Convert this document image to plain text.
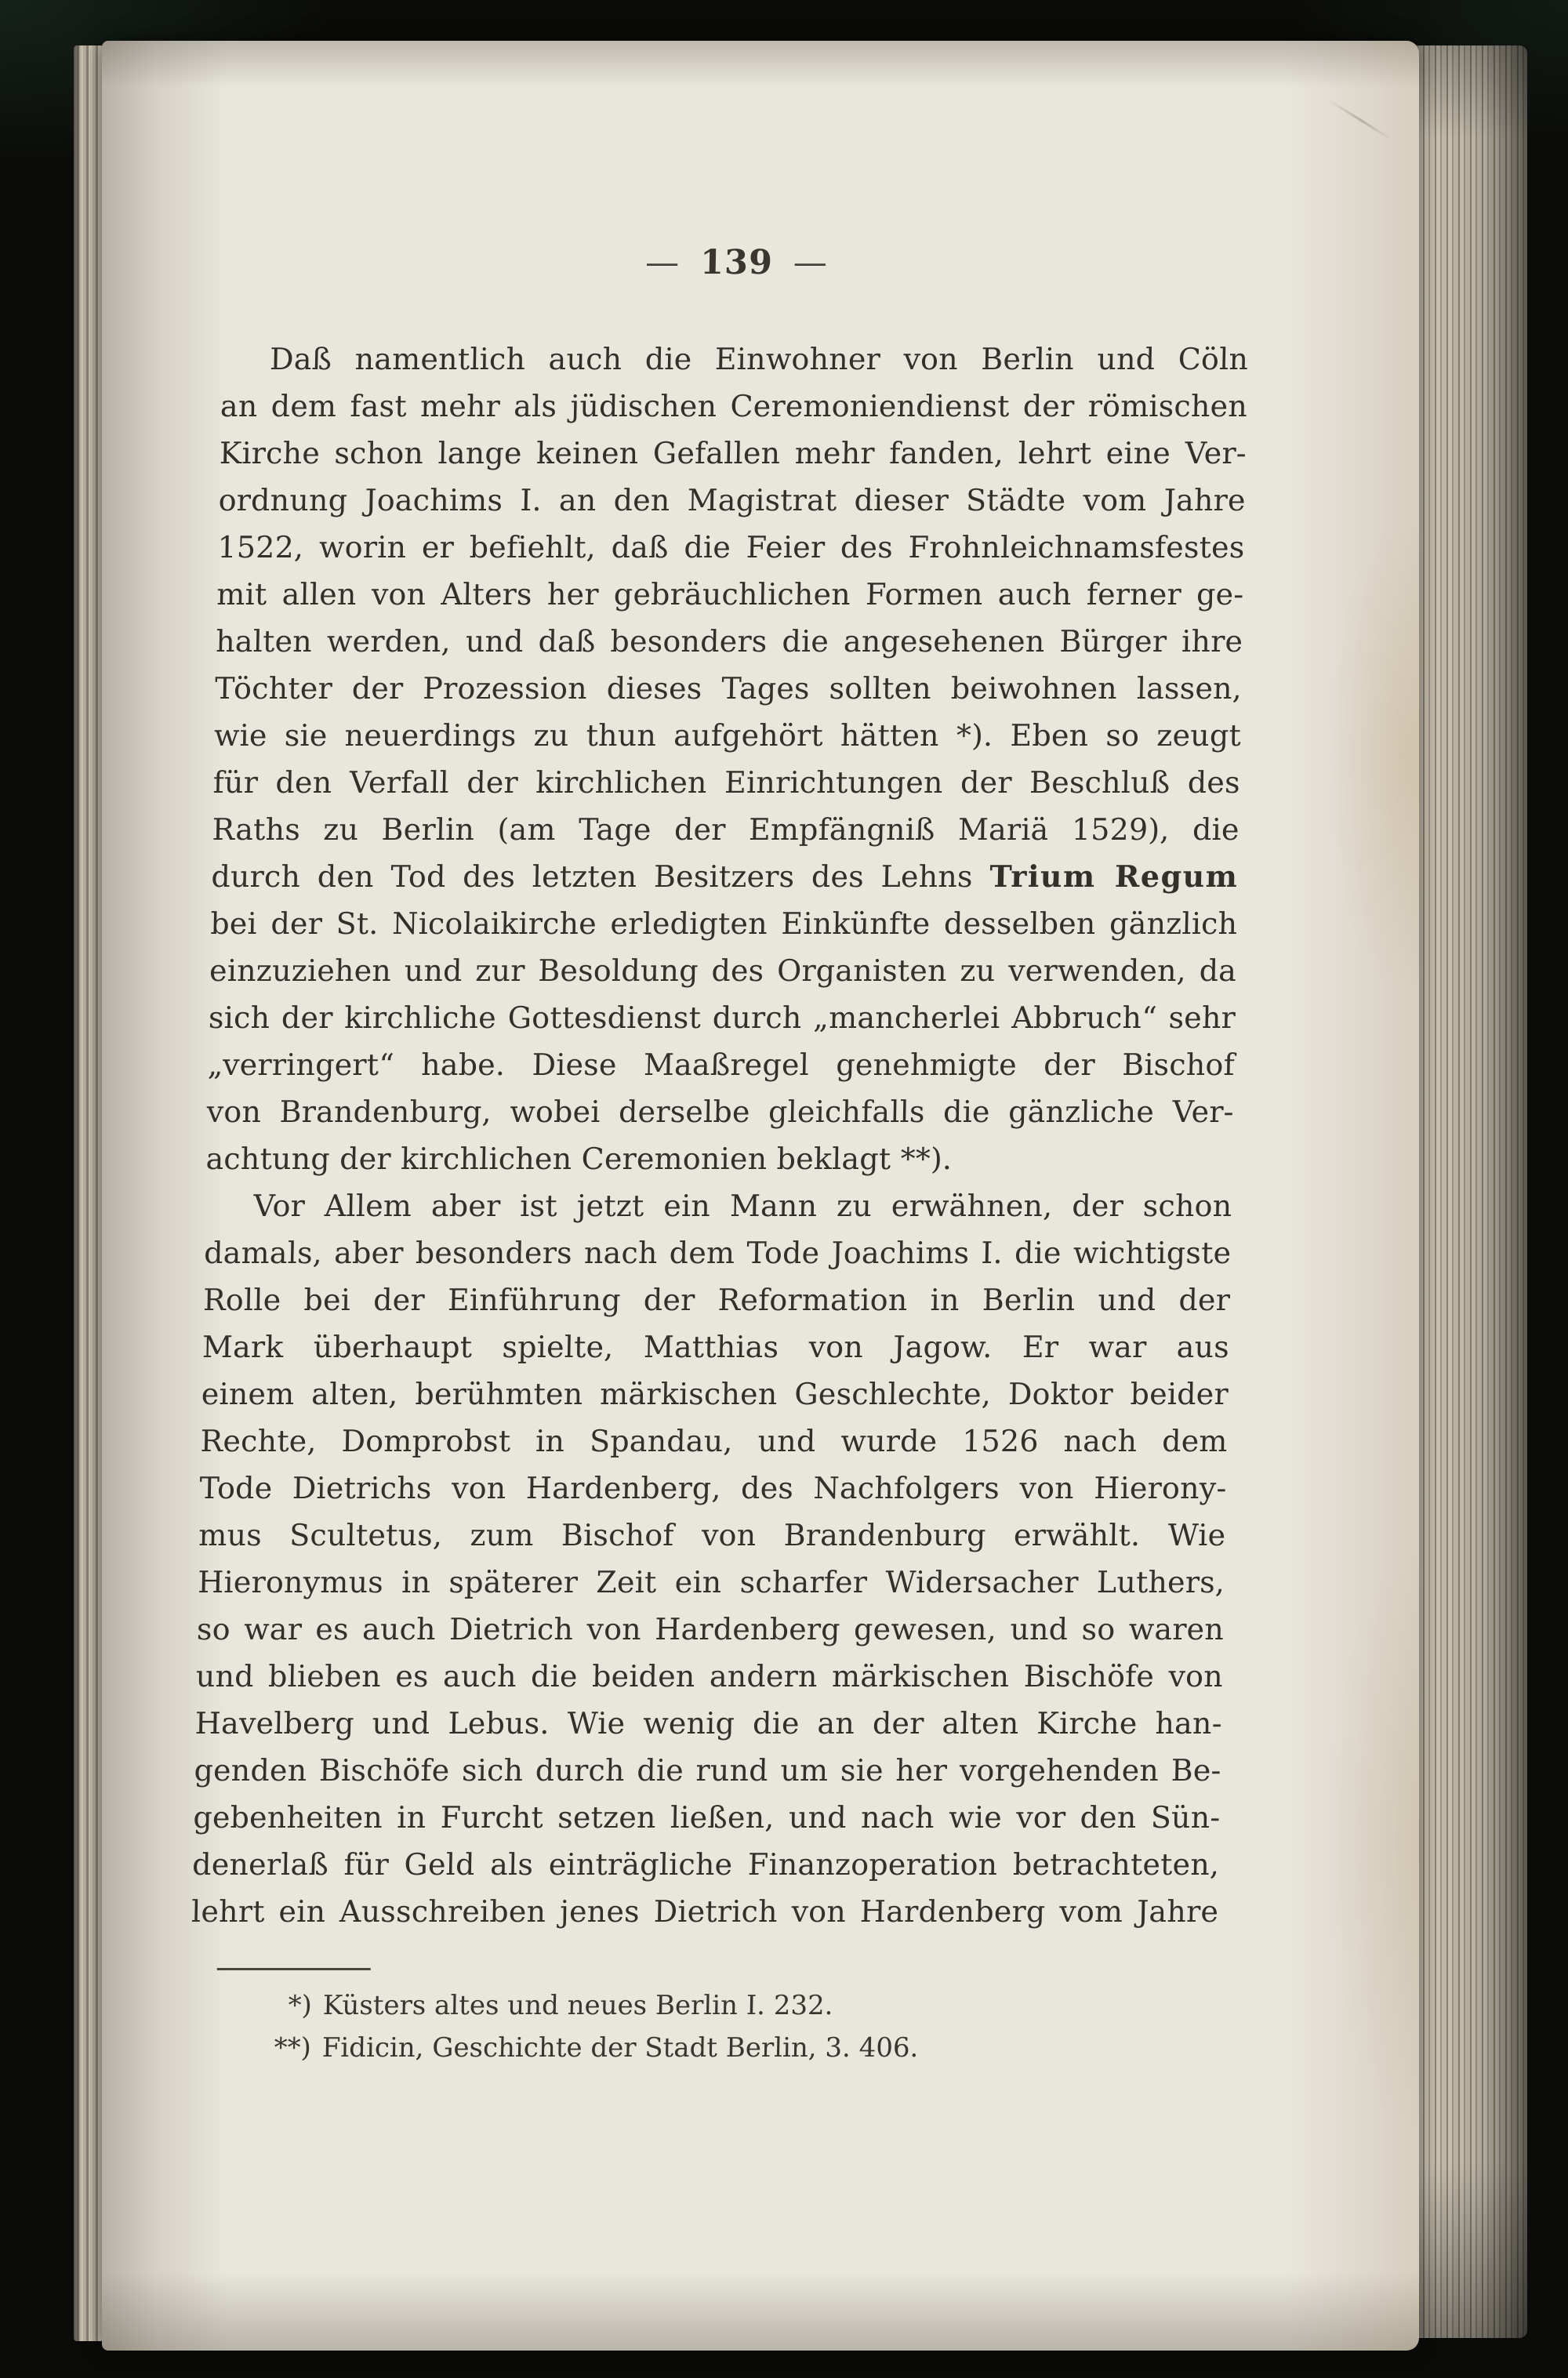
— 139 —
Daß namentlich auch die Einwohner von Berlin und Cöln
an dem fast mehr als jüdischen Ceremoniendienst der römischen
Kirche schon lange keinen Gefallen mehr fanden, lehrt eine Ver-
ordnung Joachims I. an den Magistrat dieser Städte vom Jahre
1522, worin er befiehlt, daß die Feier des Frohnleichnamsfestes
mit allen von Alters her gebräuchlichen Formen auch ferner ge-
halten werden, und daß besonders die angesehenen Bürger ihre
Töchter der Prozession dieses Tages sollten beiwohnen lassen,
wie sie neuerdings zu thun aufgehört hätten *). Eben so zeugt
für den Verfall der kirchlichen Einrichtungen der Beschluß des
Raths zu Berlin (am Tage der Empfängniß Mariä 1529), die
durch den Tod des letzten Besitzers des Lehns Trium Regum
bei der St. Nicolaikirche erledigten Einkünfte desselben gänzlich
einzuziehen und zur Besoldung des Organisten zu verwenden, da
sich der kirchliche Gottesdienst durch „mancherlei Abbruch“ sehr
„verringert“ habe. Diese Maaßregel genehmigte der Bischof
von Brandenburg, wobei derselbe gleichfalls die gänzliche Ver-
achtung der kirchlichen Ceremonien beklagt **).
Vor Allem aber ist jetzt ein Mann zu erwähnen, der schon
damals, aber besonders nach dem Tode Joachims I. die wichtigste
Rolle bei der Einführung der Reformation in Berlin und der
Mark überhaupt spielte, Matthias von Jagow. Er war aus
einem alten, berühmten märkischen Geschlechte, Doktor beider
Rechte, Domprobst in Spandau, und wurde 1526 nach dem
Tode Dietrichs von Hardenberg, des Nachfolgers von Hierony-
mus Scultetus, zum Bischof von Brandenburg erwählt. Wie
Hieronymus in späterer Zeit ein scharfer Widersacher Luthers,
so war es auch Dietrich von Hardenberg gewesen, und so waren
und blieben es auch die beiden andern märkischen Bischöfe von
Havelberg und Lebus. Wie wenig die an der alten Kirche han-
genden Bischöfe sich durch die rund um sie her vorgehenden Be-
gebenheiten in Furcht setzen ließen, und nach wie vor den Sün-
denerlaß für Geld als einträgliche Finanzoperation betrachteten,
lehrt ein Ausschreiben jenes Dietrich von Hardenberg vom Jahre
*) Küsters altes und neues Berlin I. 232.
**) Fidicin, Geschichte der Stadt Berlin, 3. 406.
